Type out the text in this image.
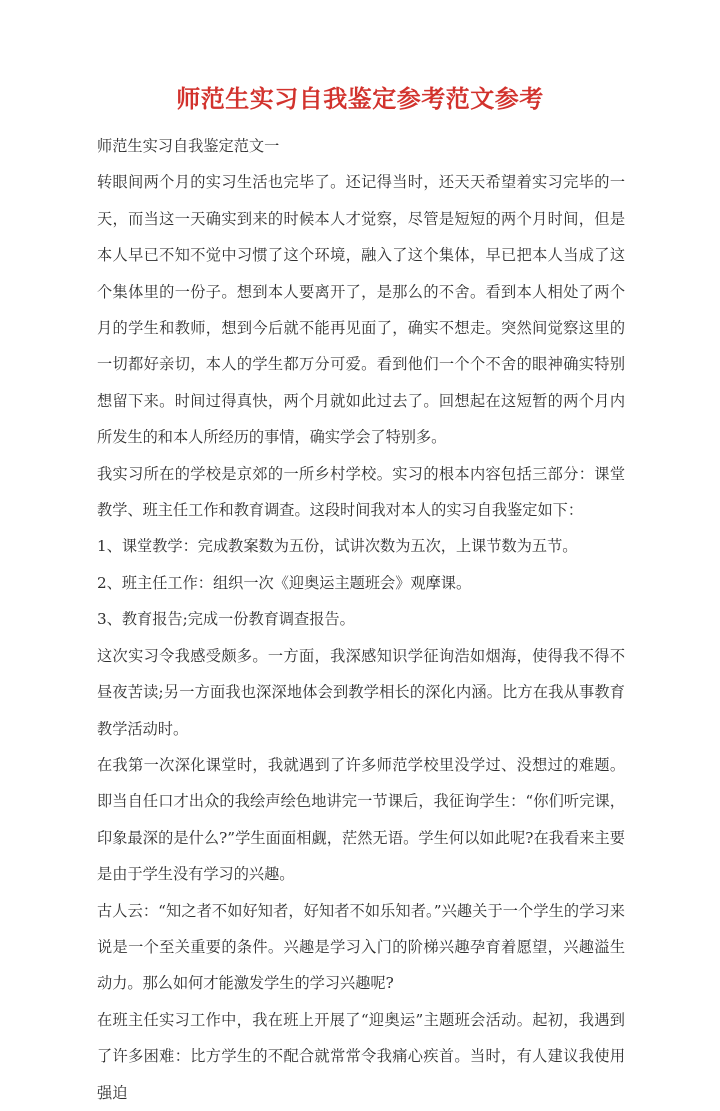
师范生实习自我鉴定参考范文参考

师范生实习自我鉴定范文一

转眼间两个月的实习生活也完毕了。还记得当时，还天天希望着实习完毕的一天，而当这一天确实到来的时候本人才觉察，尽管是短短的两个月时间，但是本人早已不知不觉中习惯了这个环境，融入了这个集体，早已把本人当成了这个集体里的一份子。想到本人要离开了，是那么的不舍。看到本人相处了两个月的学生和教师，想到今后就不能再见面了，确实不想走。突然间觉察这里的一切都好亲切，本人的学生都万分可爱。看到他们一个个不舍的眼神确实特别想留下来。时间过得真快，两个月就如此过去了。回想起在这短暂的两个月内所发生的和本人所经历的事情，确实学会了特别多。

我实习所在的学校是京郊的一所乡村学校。实习的根本内容包括三部分：课堂教学、班主任工作和教育调查。这段时间我对本人的实习自我鉴定如下：

1、课堂教学：完成教案数为五份，试讲次数为五次，上课节数为五节。

2、班主任工作：组织一次《迎奥运主题班会》观摩课。

3、教育报告;完成一份教育调查报告。

这次实习令我感受颇多。一方面，我深感知识学征询浩如烟海，使得我不得不昼夜苦读;另一方面我也深深地体会到教学相长的深化内涵。比方在我从事教育教学活动时。

在我第一次深化课堂时，我就遇到了许多师范学校里没学过、没想过的难题。即当自任口才出众的我绘声绘色地讲完一节课后，我征询学生：“你们听完课，印象最深的是什么?”学生面面相觑，茫然无语。学生何以如此呢?在我看来主要是由于学生没有学习的兴趣。

古人云：“知之者不如好知者，好知者不如乐知者。”兴趣关于一个学生的学习来说是一个至关重要的条件。兴趣是学习入门的阶梯兴趣孕育着愿望，兴趣溢生动力。那么如何才能激发学生的学习兴趣呢?

在班主任实习工作中，我在班上开展了“迎奥运”主题班会活动。起初，我遇到了许多困难：比方学生的不配合就常常令我痛心疾首。当时，有人建议我使用强迫
